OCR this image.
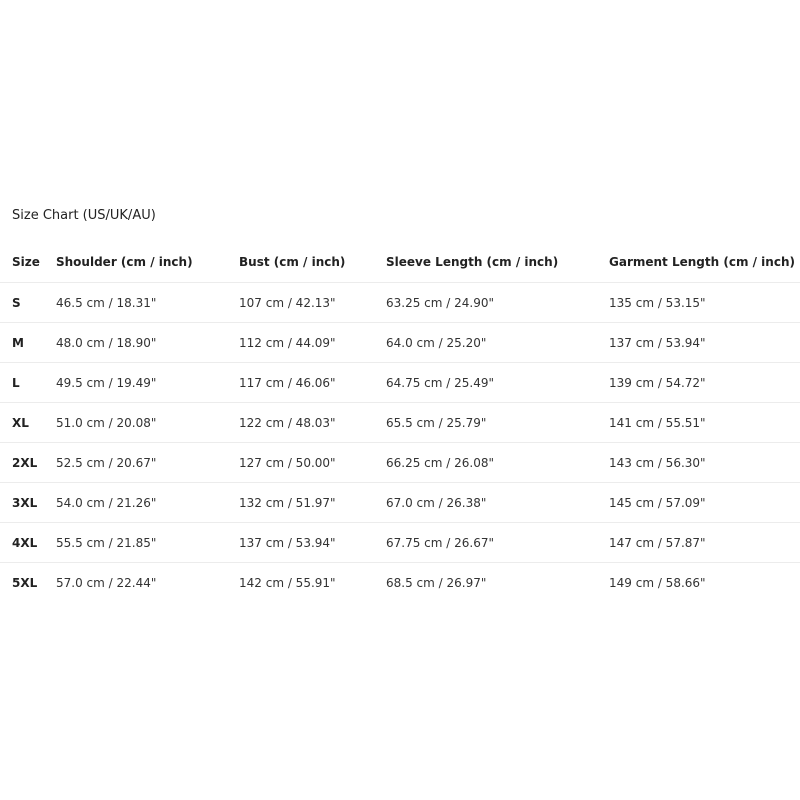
Size Chart (US/UK/AU)
Size	Shoulder (cm / inch)	Bust (cm / inch)	Sleeve Length (cm / inch)	Garment Length (cm / inch)
S	46.5 cm / 18.31"	107 cm / 42.13"	63.25 cm / 24.90"	135 cm / 53.15"
M	48.0 cm / 18.90"	112 cm / 44.09"	64.0 cm / 25.20"	137 cm / 53.94"
L	49.5 cm / 19.49"	117 cm / 46.06"	64.75 cm / 25.49"	139 cm / 54.72"
XL	51.0 cm / 20.08"	122 cm / 48.03"	65.5 cm / 25.79"	141 cm / 55.51"
2XL	52.5 cm / 20.67"	127 cm / 50.00"	66.25 cm / 26.08"	143 cm / 56.30"
3XL	54.0 cm / 21.26"	132 cm / 51.97"	67.0 cm / 26.38"	145 cm / 57.09"
4XL	55.5 cm / 21.85"	137 cm / 53.94"	67.75 cm / 26.67"	147 cm / 57.87"
5XL	57.0 cm / 22.44"	142 cm / 55.91"	68.5 cm / 26.97"	149 cm / 58.66"
